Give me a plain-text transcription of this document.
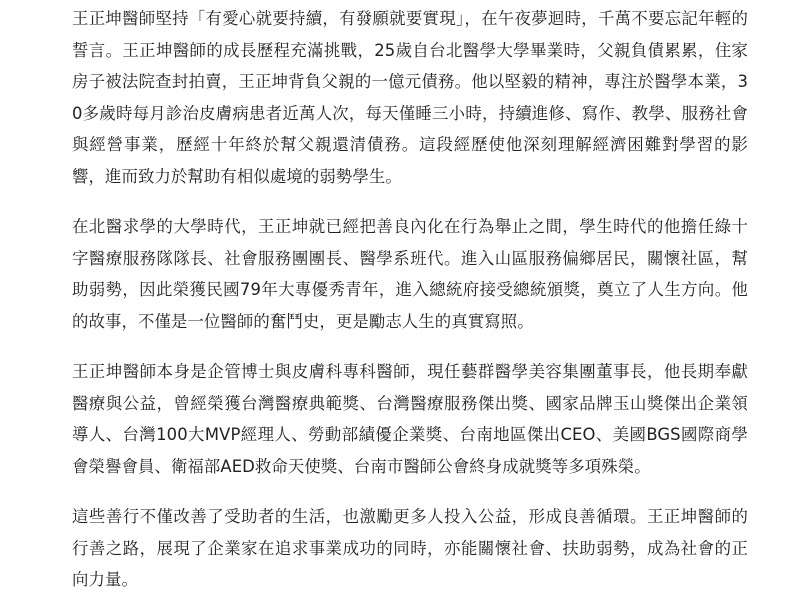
王正坤醫師堅持「有愛心就要持續，有發願就要實現」，在午夜夢迴時，千萬不要忘記年輕的誓言。王正坤醫師的成長歷程充滿挑戰，25歲自台北醫學大學畢業時，父親負債累累，住家房子被法院查封拍賣，王正坤背負父親的一億元債務。他以堅毅的精神，專注於醫學本業，30多歲時每月診治皮膚病患者近萬人次，每天僅睡三小時，持續進修、寫作、教學、服務社會與經營事業，歷經十年終於幫父親還清債務。這段經歷使他深刻理解經濟困難對學習的影響，進而致力於幫助有相似處境的弱勢學生。

在北醫求學的大學時代，王正坤就已經把善良內化在行為舉止之間，學生時代的他擔任綠十字醫療服務隊隊長、社會服務團團長、醫學系班代。進入山區服務偏鄉居民，關懷社區，幫助弱勢，因此榮獲民國79年大專優秀青年，進入總統府接受總統頒獎，奠立了人生方向。他的故事，不僅是一位醫師的奮鬥史，更是勵志人生的真實寫照。

王正坤醫師本身是企管博士與皮膚科專科醫師，現任藝群醫學美容集團董事長，他長期奉獻醫療與公益，曾經榮獲台灣醫療典範獎、台灣醫療服務傑出獎、國家品牌玉山獎傑出企業領導人、台灣100大MVP經理人、勞動部績優企業獎、台南地區傑出CEO、美國BGS國際商學會榮譽會員、衛福部AED救命天使獎、台南市醫師公會終身成就獎等多項殊榮。

這些善行不僅改善了受助者的生活，也激勵更多人投入公益，形成良善循環。王正坤醫師的行善之路，展現了企業家在追求事業成功的同時，亦能關懷社會、扶助弱勢，成為社會的正向力量。
